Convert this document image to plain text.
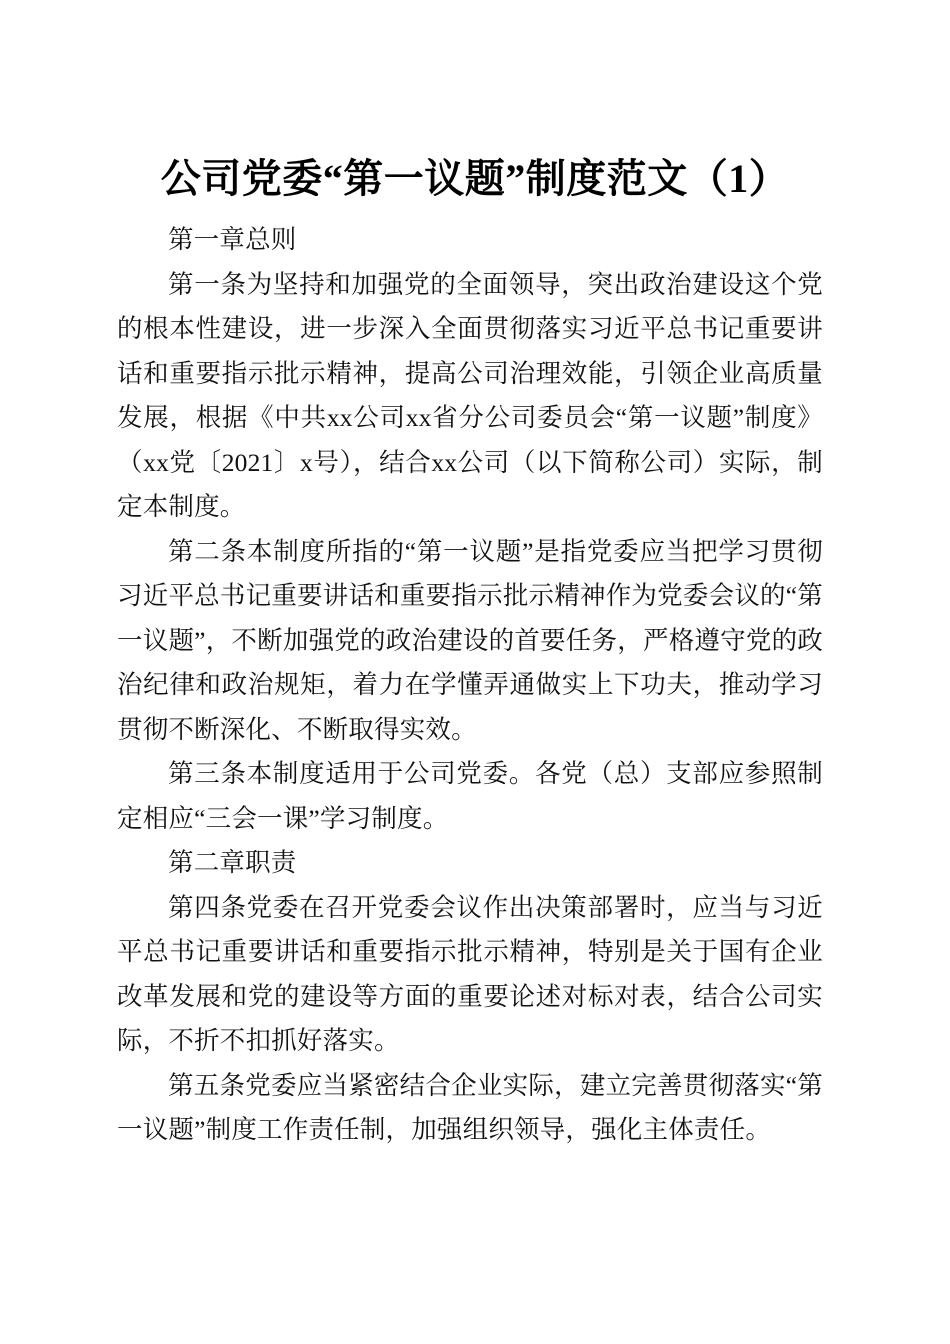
公司党委“第一议题”制度范文（1）

第一章总则

第一条为坚持和加强党的全面领导，突出政治建设这个党的根本性建设，进一步深入全面贯彻落实习近平总书记重要讲话和重要指示批示精神，提高公司治理效能，引领企业高质量发展，根据《中共xx公司xx省分公司委员会“第一议题”制度》（xx党〔2021〕x号），结合xx公司（以下简称公司）实际，制定本制度。

第二条本制度所指的“第一议题”是指党委应当把学习贯彻习近平总书记重要讲话和重要指示批示精神作为党委会议的“第一议题”，不断加强党的政治建设的首要任务，严格遵守党的政治纪律和政治规矩，着力在学懂弄通做实上下功夫，推动学习贯彻不断深化、不断取得实效。

第三条本制度适用于公司党委。各党（总）支部应参照制定相应“三会一课”学习制度。

第二章职责

第四条党委在召开党委会议作出决策部署时，应当与习近平总书记重要讲话和重要指示批示精神，特别是关于国有企业改革发展和党的建设等方面的重要论述对标对表，结合公司实际，不折不扣抓好落实。

第五条党委应当紧密结合企业实际，建立完善贯彻落实“第一议题”制度工作责任制，加强组织领导，强化主体责任。
